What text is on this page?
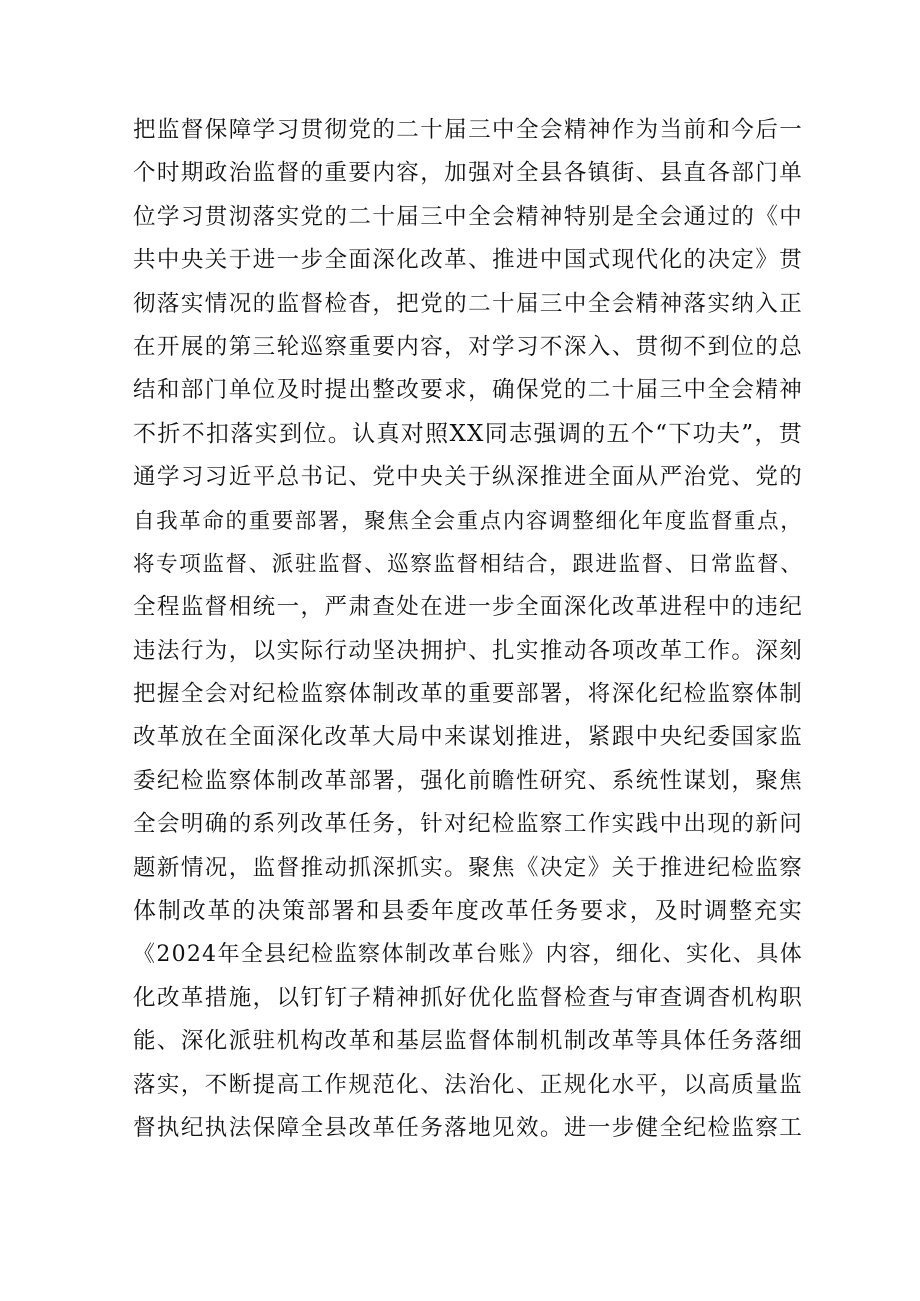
把监督保障学习贯彻党的二十届三中全会精神作为当前和今后一
个时期政治监督的重要内容，加强对全县各镇街、县直各部门单
位学习贯沏落实党的二十届三中全会精神特别是全会通过的《中
共中央关于进一步全面深化改革、推进中国式现代化的决定》贯
彻落实情况的监督检杳，把党的二十届三中全会精神落实纳入正
在开展的第三轮巡察重要内容，对学习不深入、贯彻不到位的总
结和部门单位及时提出整改要求，确保党的二十届三中全会精神
不折不扣落实到位。认真对照XX同志强调的五个“下功夫”，贯
通学习习近平总书记、党中央关于纵深推进全面从严治党、党的
自我革命的重要部署，聚焦全会重点内容调整细化年度监督重点，
将专项监督、派驻监督、巡察监督相结合，跟进监督、日常监督、
全程监督相统一，严肃查处在进一步全面深化改革进程中的违纪
违法行为，以实际行动坚决拥护、扎实推动各项改革工作。深刻
把握全会对纪检监察体制改革的重要部署，将深化纪检监察体制
改革放在全面深化改革大局中来谋划推进，紧跟中央纪委国家监
委纪检监察体制改革部署，强化前瞻性研究、系统性谋划，聚焦
全会明确的系列改革任务，针对纪检监察工作实践中出现的新问
题新情况，监督推动抓深抓实。聚焦《决定》关于推进纪检监察
体制改革的决策部署和县委年度改革任务要求，及时调整充实
《2024年全县纪检监察体制改革台账》内容，细化、实化、具体
化改革措施，以钉钉子精神抓好优化监督检查与审查调杳机构职
能、深化派驻机构改革和基层监督体制机制改革等具体任务落细
落实，不断提高工作规范化、法治化、正规化水平，以高质量监
督执纪执法保障全县改革任务落地见效。进一步健全纪检监察工
